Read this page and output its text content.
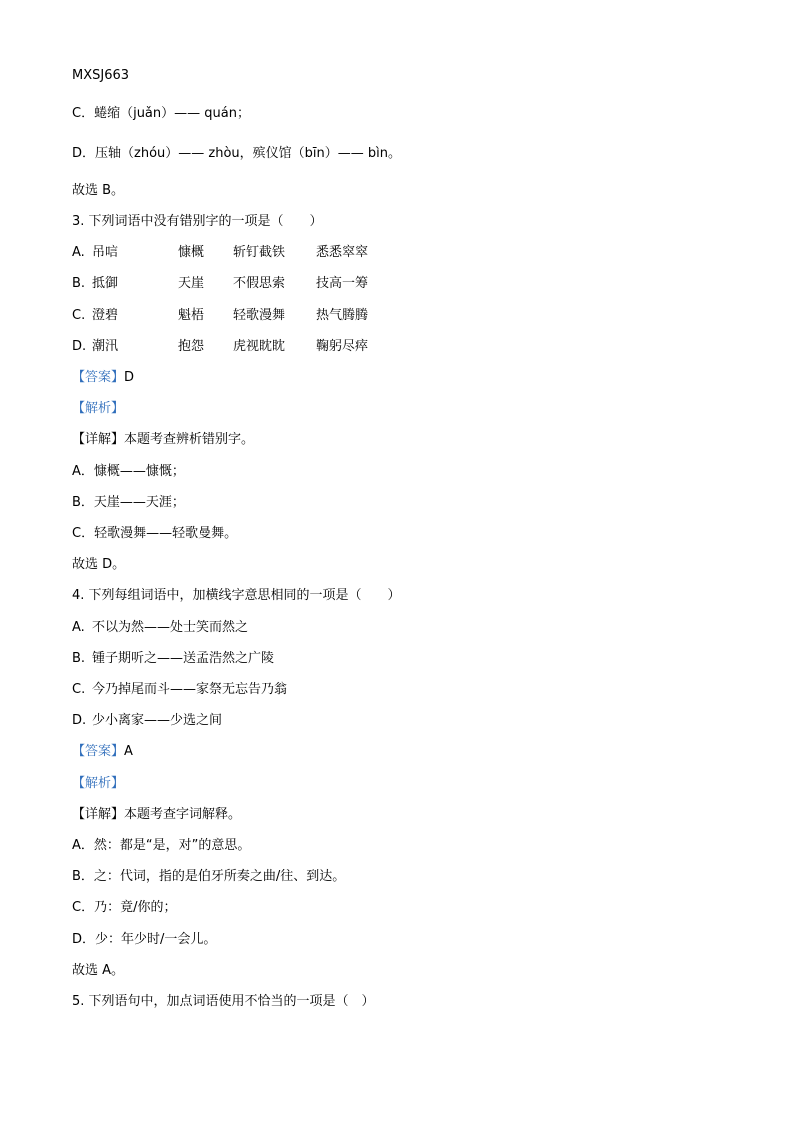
MXSJ663
C．蜷缩（juǎn）—— quán；
D．压轴（zhóu）—— zhòu，殡仪馆（bīn）—— bìn。
故选 B。
3. 下列词语中没有错别字的一项是（　　）

A.

吊唁

	慷概

斩钉截铁

悉悉窣窣

B.

抵御

	天崖

不假思索

技高一筹

C.

澄碧

	魁梧

轻歌漫舞

热气腾腾

D.

潮汛

	抱怨

虎视眈眈

鞠躬尽瘁

【答案】D
【解析】
【详解】本题考查辨析错别字。
A．慷概——慷慨；
B．天崖——天涯；
C．轻歌漫舞——轻歌曼舞。
故选 D。
4. 下列每组词语中，加横线字意思相同的一项是（　　）

A.

不以为然——处士笑而然之

B.

锺子期听之——送孟浩然之广陵

C.

今乃掉尾而斗——家祭无忘告乃翁

D.

少小离家——少选之间

【答案】A
【解析】
【详解】本题考查字词解释。
A．然：都是“是，对”的意思。
B．之：代词，指的是伯牙所奏之曲/往、到达。
C．乃：竟/你的；
D．少：年少时/一会儿。
故选 A。
5. 下列语句中，加点词语使用不恰当的一项是（　）
